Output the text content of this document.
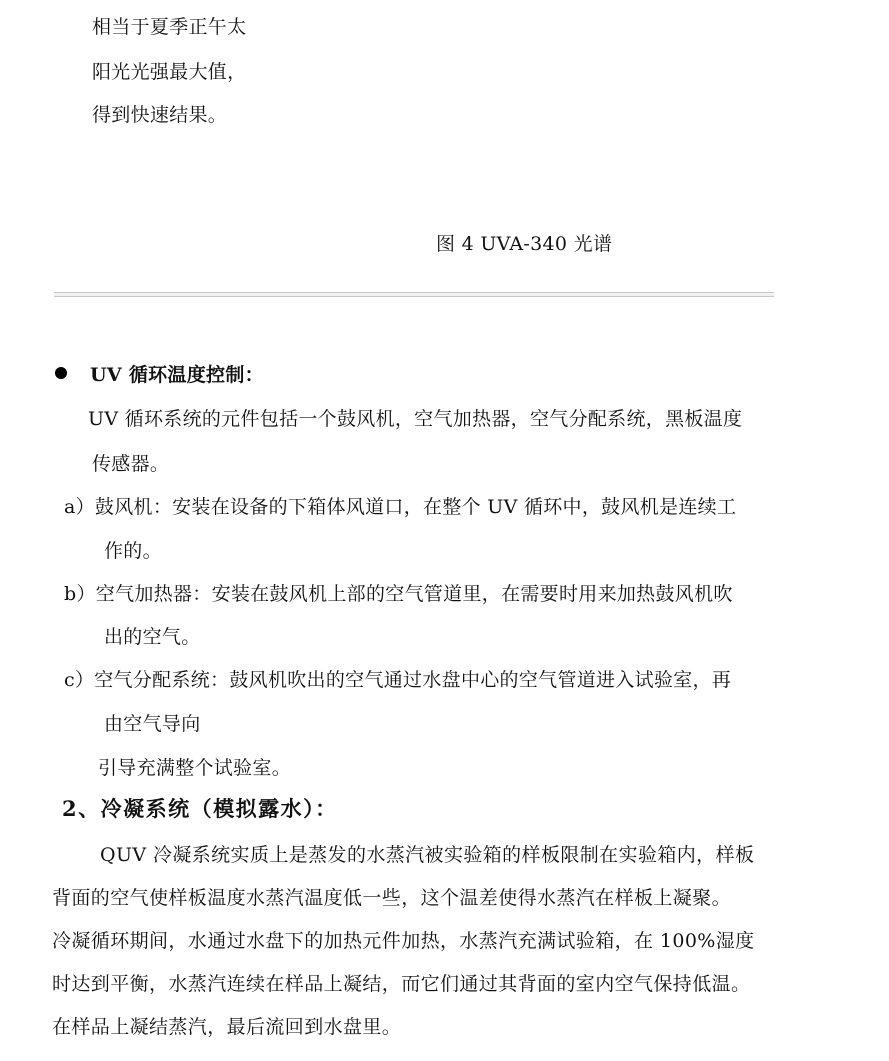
相当于夏季正午太
阳光光强最大值，
得到快速结果。
图 4 UVA-340 光谱
UV 循环温度控制：
UV 循环系统的元件包括一个鼓风机，空气加热器，空气分配系统，黑板温度
传感器。
a）鼓风机：安装在设备的下箱体风道口，在整个 UV 循环中，鼓风机是连续工
作的。
b）空气加热器：安装在鼓风机上部的空气管道里，在需要时用来加热鼓风机吹
出的空气。
c）空气分配系统：鼓风机吹出的空气通过水盘中心的空气管道进入试验室，再
由空气导向
引导充满整个试验室。
2、冷凝系统（模拟露水）：
QUV 冷凝系统实质上是蒸发的水蒸汽被实验箱的样板限制在实验箱内，样板
背面的空气使样板温度水蒸汽温度低一些，这个温差使得水蒸汽在样板上凝聚。
冷凝循环期间，水通过水盘下的加热元件加热，水蒸汽充满试验箱，在 100%湿度
时达到平衡，水蒸汽连续在样品上凝结，而它们通过其背面的室内空气保持低温。
在样品上凝结蒸汽，最后流回到水盘里。
